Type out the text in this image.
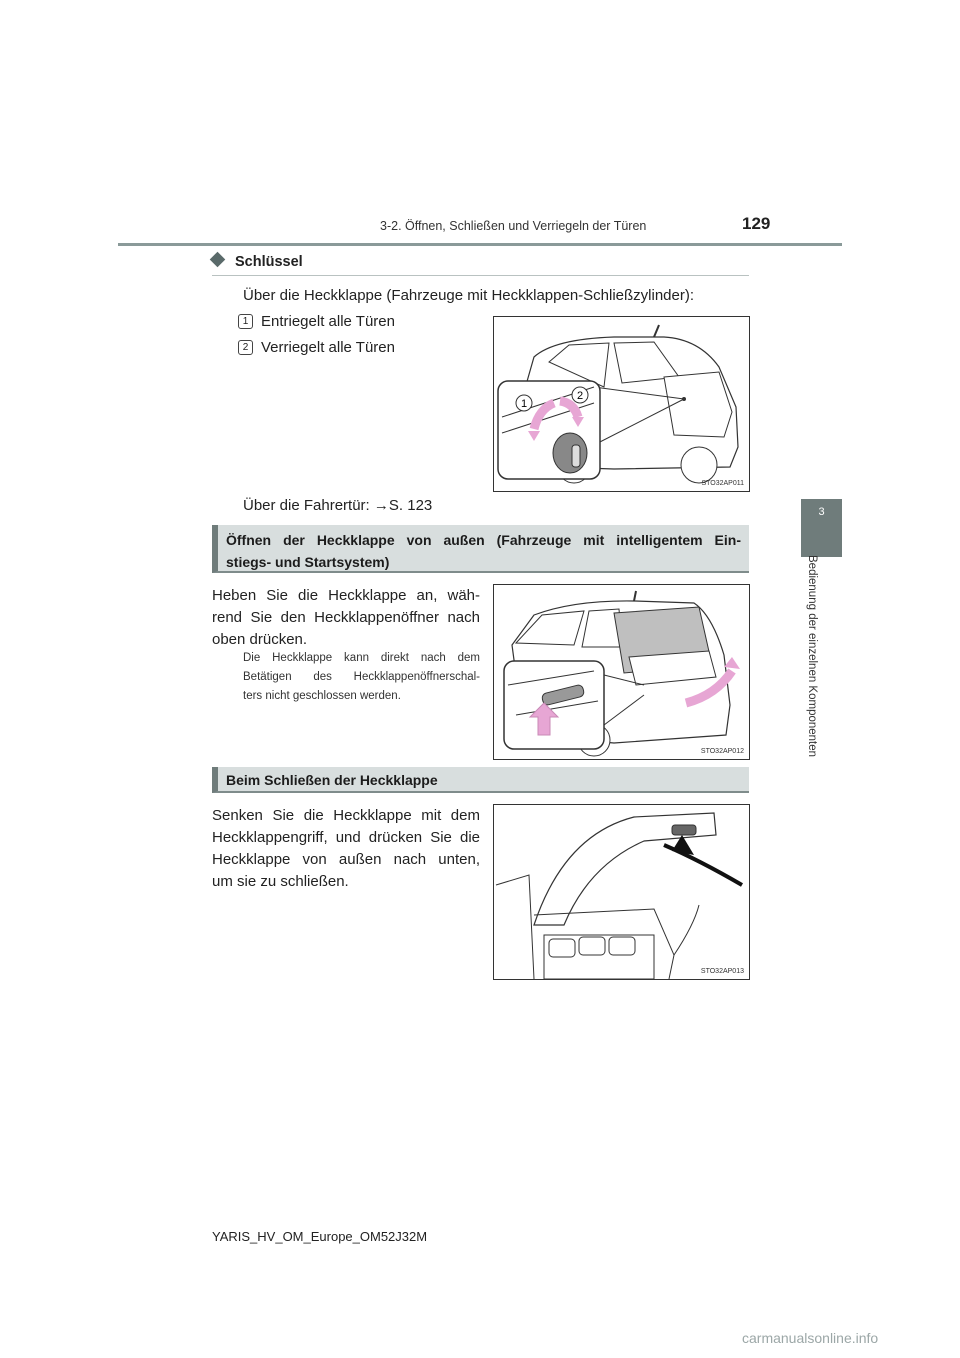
3-2. Öffnen, Schließen und Verriegeln der Türen	129
3
Bedienung der einzelnen Komponenten
Schlüssel
Über die Heckklappe (Fahrzeuge mit Heckklappen-Schließzylinder):
1 Entriegelt alle Türen
2 Verriegelt alle Türen
Über die Fahrertür: →S. 123
1
2
STO32AP011
Öffnen der Heckklappe von außen (Fahrzeuge mit intelligentem Ein-
stiegs- und Startsystem)
Heben Sie die Heckklappe an, wäh-
rend Sie den Heckklappenöffner nach
oben drücken.
Die Heckklappe kann direkt nach dem
Betätigen des Heckklappenöffnerschal-
ters nicht geschlossen werden.
STO32AP012
Beim Schließen der Heckklappe
Senken Sie die Heckklappe mit dem
Heckklappengriff, und drücken Sie die
Heckklappe von außen nach unten,
um sie zu schließen.
STO32AP013
YARIS_HV_OM_Europe_OM52J32M
carmanualsonline.info
